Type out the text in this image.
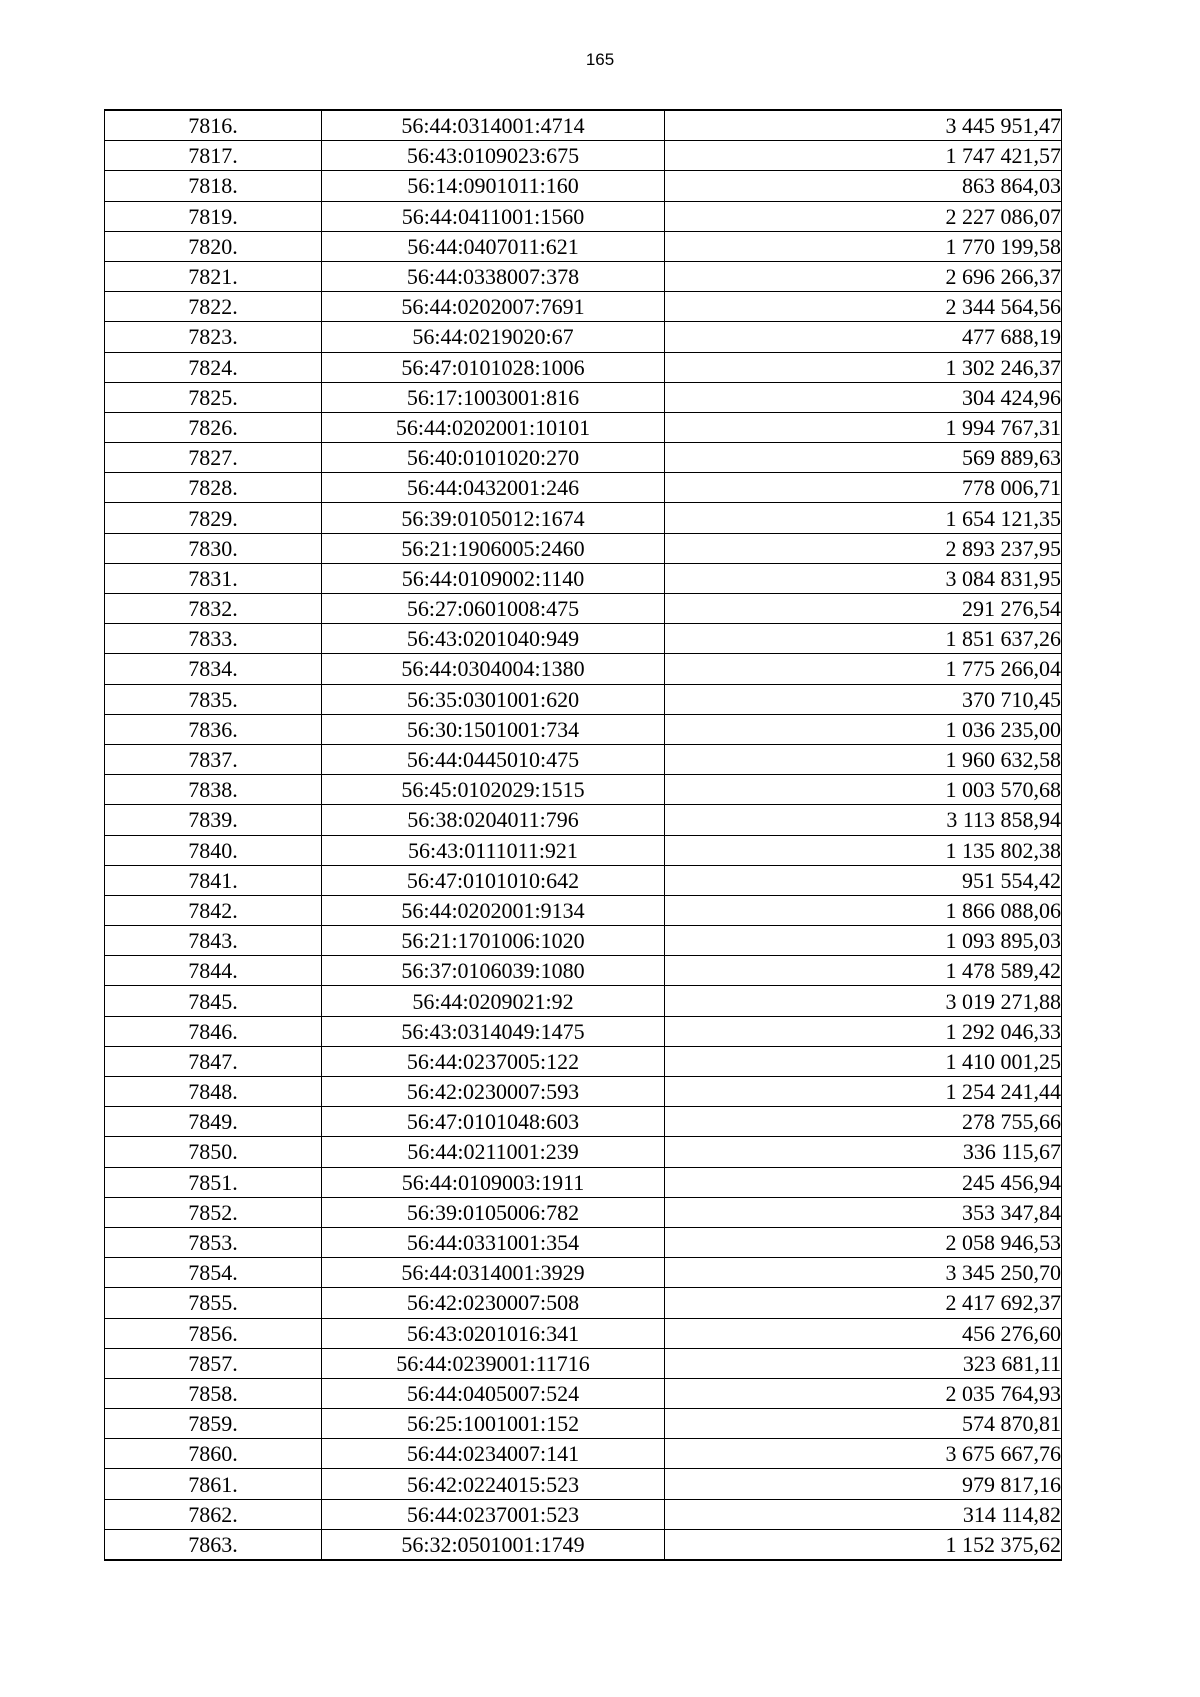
165
7816.	56:44:0314001:4714	3 445 951,47
7817.	56:43:0109023:675	1 747 421,57
7818.	56:14:0901011:160	863 864,03
7819.	56:44:0411001:1560	2 227 086,07
7820.	56:44:0407011:621	1 770 199,58
7821.	56:44:0338007:378	2 696 266,37
7822.	56:44:0202007:7691	2 344 564,56
7823.	56:44:0219020:67	477 688,19
7824.	56:47:0101028:1006	1 302 246,37
7825.	56:17:1003001:816	304 424,96
7826.	56:44:0202001:10101	1 994 767,31
7827.	56:40:0101020:270	569 889,63
7828.	56:44:0432001:246	778 006,71
7829.	56:39:0105012:1674	1 654 121,35
7830.	56:21:1906005:2460	2 893 237,95
7831.	56:44:0109002:1140	3 084 831,95
7832.	56:27:0601008:475	291 276,54
7833.	56:43:0201040:949	1 851 637,26
7834.	56:44:0304004:1380	1 775 266,04
7835.	56:35:0301001:620	370 710,45
7836.	56:30:1501001:734	1 036 235,00
7837.	56:44:0445010:475	1 960 632,58
7838.	56:45:0102029:1515	1 003 570,68
7839.	56:38:0204011:796	3 113 858,94
7840.	56:43:0111011:921	1 135 802,38
7841.	56:47:0101010:642	951 554,42
7842.	56:44:0202001:9134	1 866 088,06
7843.	56:21:1701006:1020	1 093 895,03
7844.	56:37:0106039:1080	1 478 589,42
7845.	56:44:0209021:92	3 019 271,88
7846.	56:43:0314049:1475	1 292 046,33
7847.	56:44:0237005:122	1 410 001,25
7848.	56:42:0230007:593	1 254 241,44
7849.	56:47:0101048:603	278 755,66
7850.	56:44:0211001:239	336 115,67
7851.	56:44:0109003:1911	245 456,94
7852.	56:39:0105006:782	353 347,84
7853.	56:44:0331001:354	2 058 946,53
7854.	56:44:0314001:3929	3 345 250,70
7855.	56:42:0230007:508	2 417 692,37
7856.	56:43:0201016:341	456 276,60
7857.	56:44:0239001:11716	323 681,11
7858.	56:44:0405007:524	2 035 764,93
7859.	56:25:1001001:152	574 870,81
7860.	56:44:0234007:141	3 675 667,76
7861.	56:42:0224015:523	979 817,16
7862.	56:44:0237001:523	314 114,82
7863.	56:32:0501001:1749	1 152 375,62
